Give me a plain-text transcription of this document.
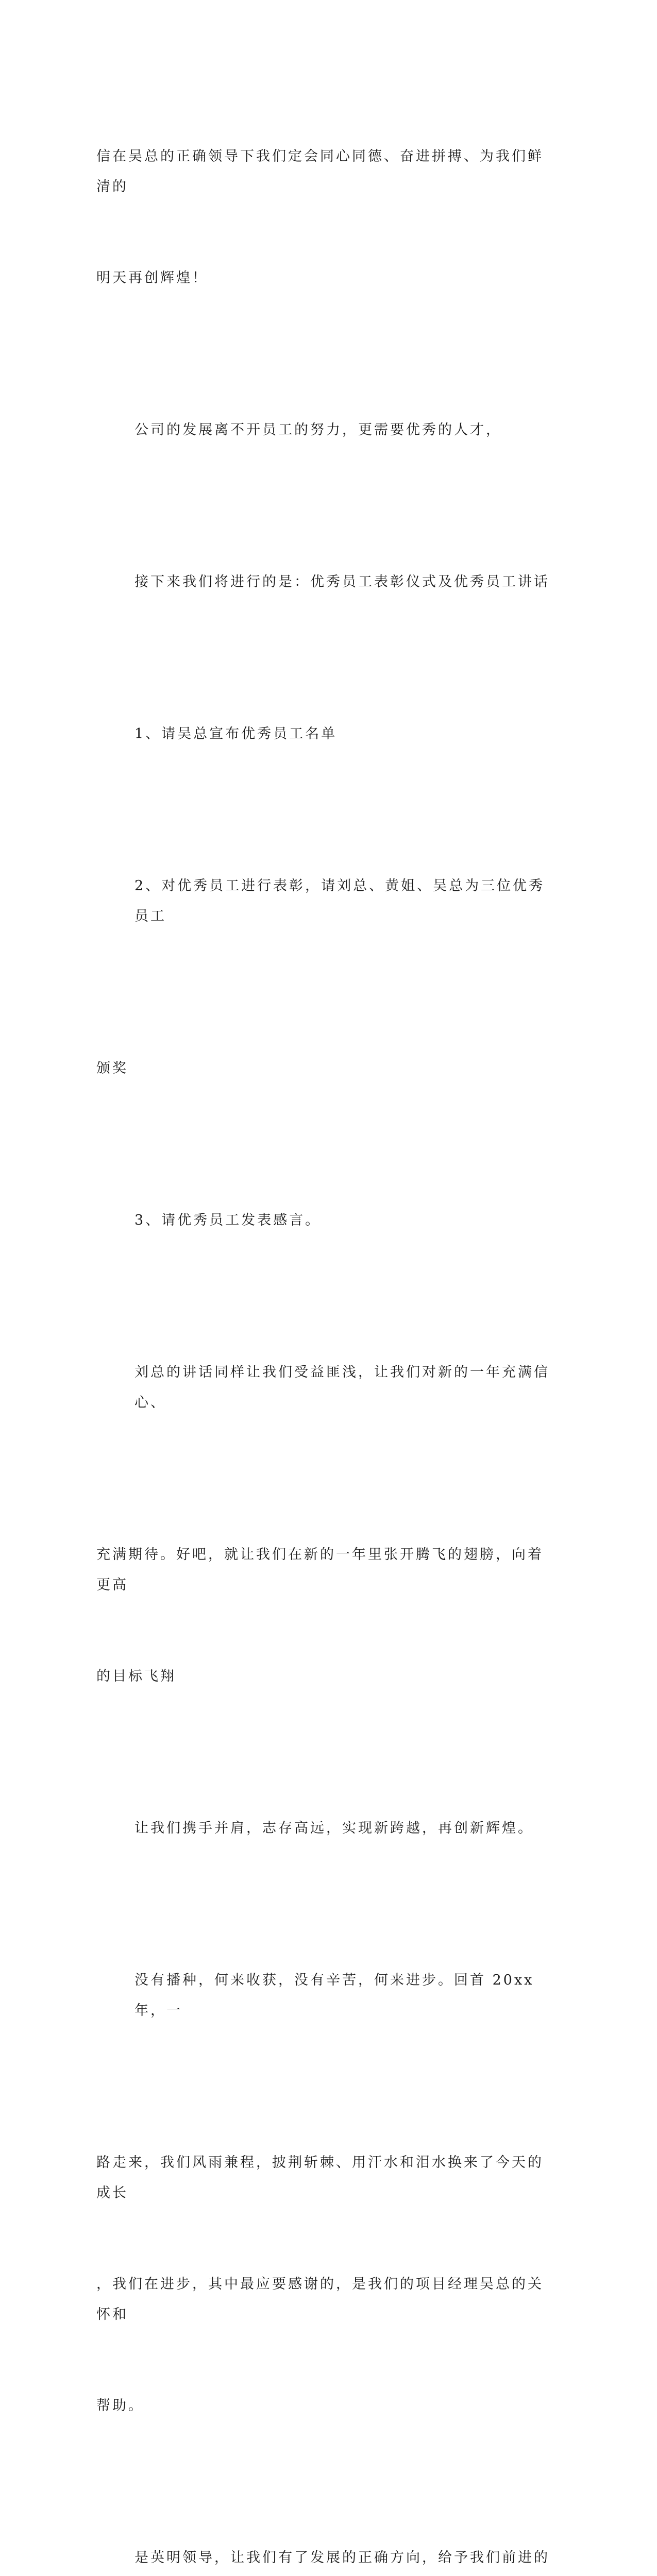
信在吴总的正确领导下我们定会同心同德、奋进拼搏、为我们鲜清的

明天再创辉煌！

公司的发展离不开员工的努力，更需要优秀的人才，

接下来我们将进行的是：优秀员工表彰仪式及优秀员工讲话

1、请吴总宣布优秀员工名单

2、对优秀员工进行表彰，请刘总、黄姐、吴总为三位优秀员工

颁奖

3、请优秀员工发表感言。

刘总的讲话同样让我们受益匪浅，让我们对新的一年充满信心、

充满期待。好吧，就让我们在新的一年里张开腾飞的翅膀，向着更高

的目标飞翔

让我们携手并肩，志存高远，实现新跨越，再创新辉煌。

没有播种，何来收获，没有辛苦，何来进步。回首 20xx 年，一

路走来，我们风雨兼程，披荆斩棘、用汗水和泪水换来了今天的成长

，我们在进步，其中最应要感谢的，是我们的项目经理吴总的关怀和

帮助。

是英明领导，让我们有了发展的正确方向，给予我们前进的
